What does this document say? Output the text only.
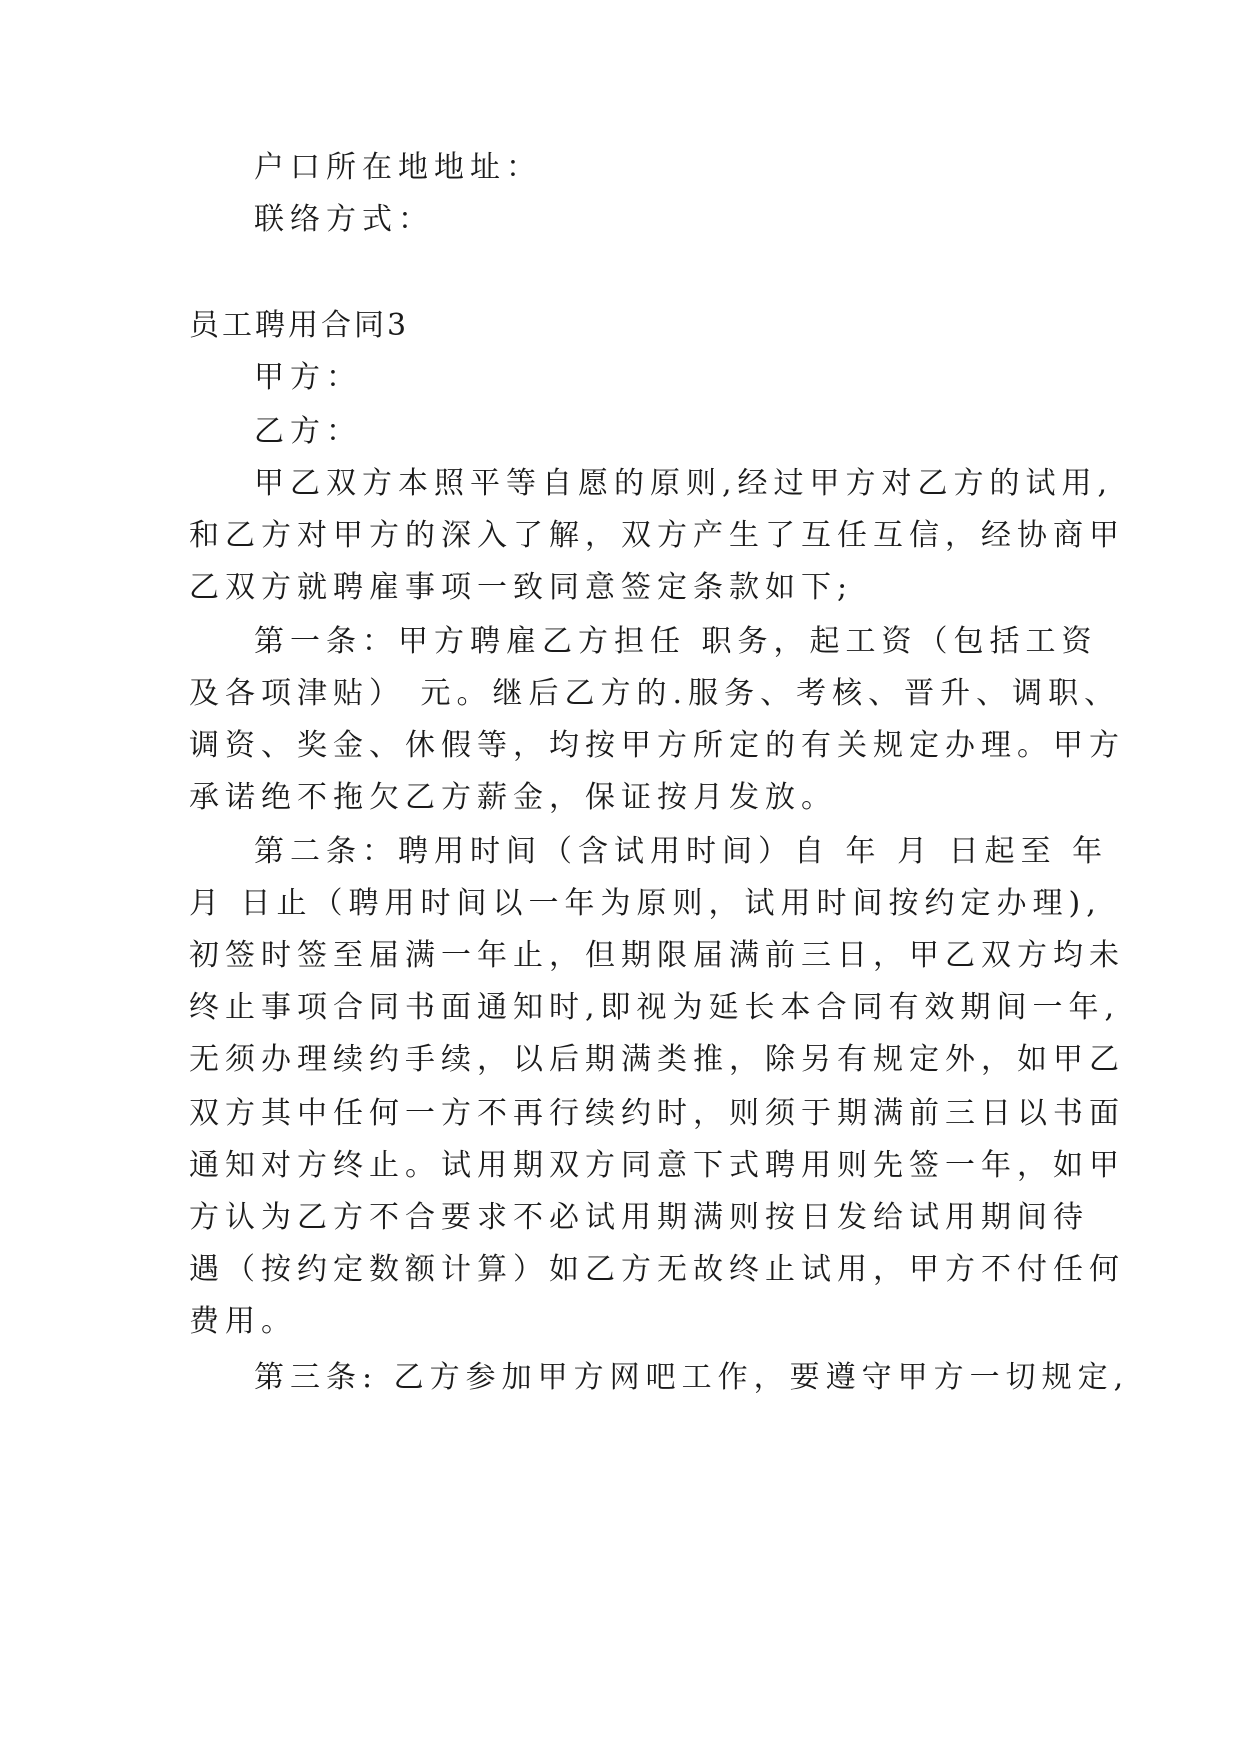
户口所在地地址：
联络方式：
员工聘用合同3
甲方：
乙方：
甲乙双方本照平等自愿的原则,经过甲方对乙方的试用,
和乙方对甲方的深入了解，双方产生了互任互信，经协商甲
乙双方就聘雇事项一致同意签定条款如下;
第一条：甲方聘雇乙方担任 职务，起工资（包括工资
及各项津贴） 元。继后乙方的.服务、考核、晋升、调职、
调资、奖金、休假等，均按甲方所定的有关规定办理。甲方
承诺绝不拖欠乙方薪金，保证按月发放。
第二条：聘用时间（含试用时间）自 年 月 日起至 年
月 日止（聘用时间以一年为原则，试用时间按约定办理),
初签时签至届满一年止，但期限届满前三日，甲乙双方均未
终止事项合同书面通知时,即视为延长本合同有效期间一年,
无须办理续约手续，以后期满类推，除另有规定外，如甲乙
双方其中任何一方不再行续约时，则须于期满前三日以书面
通知对方终止。试用期双方同意下式聘用则先签一年，如甲
方认为乙方不合要求不必试用期满则按日发给试用期间待
遇（按约定数额计算）如乙方无故终止试用，甲方不付任何
费用。
第三条: 乙方参加甲方网吧工作，要遵守甲方一切规定,
